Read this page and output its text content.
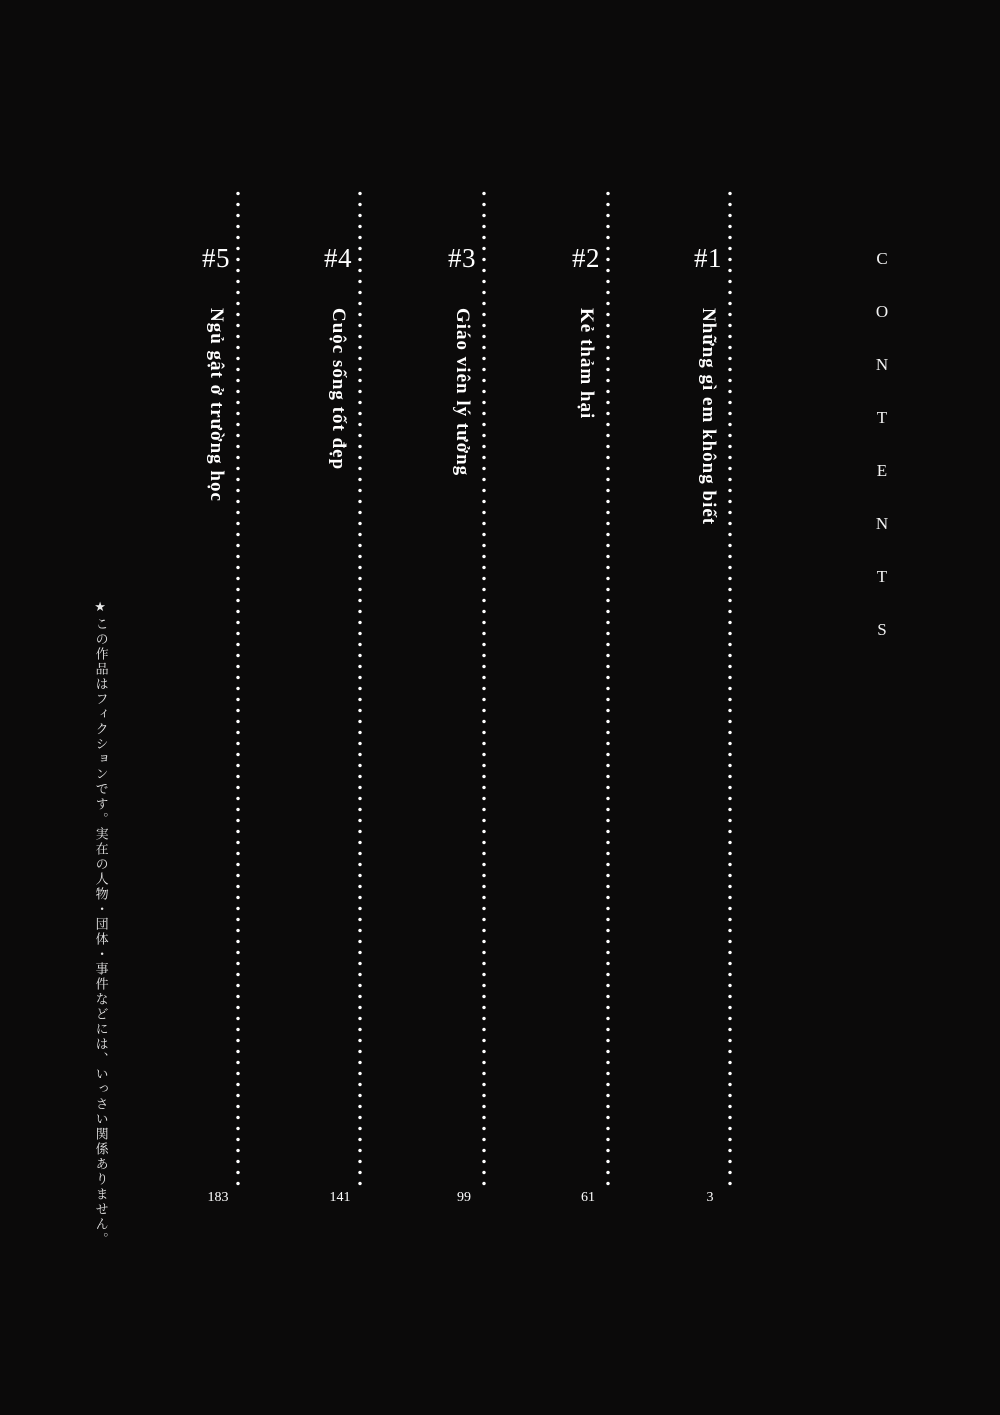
C
O
N
T
E
N
T
S
#1
Những gì em không biết
3
#2
Kẻ thảm hại
61
#3
Giáo viên lý tưởng
99
#4
Cuộc sống tốt đẹp
141
#5
Ngủ gật ở trường học
183
★この作品はフィクションです。実在の人物・団体・事件などには、いっさい関係ありません。
